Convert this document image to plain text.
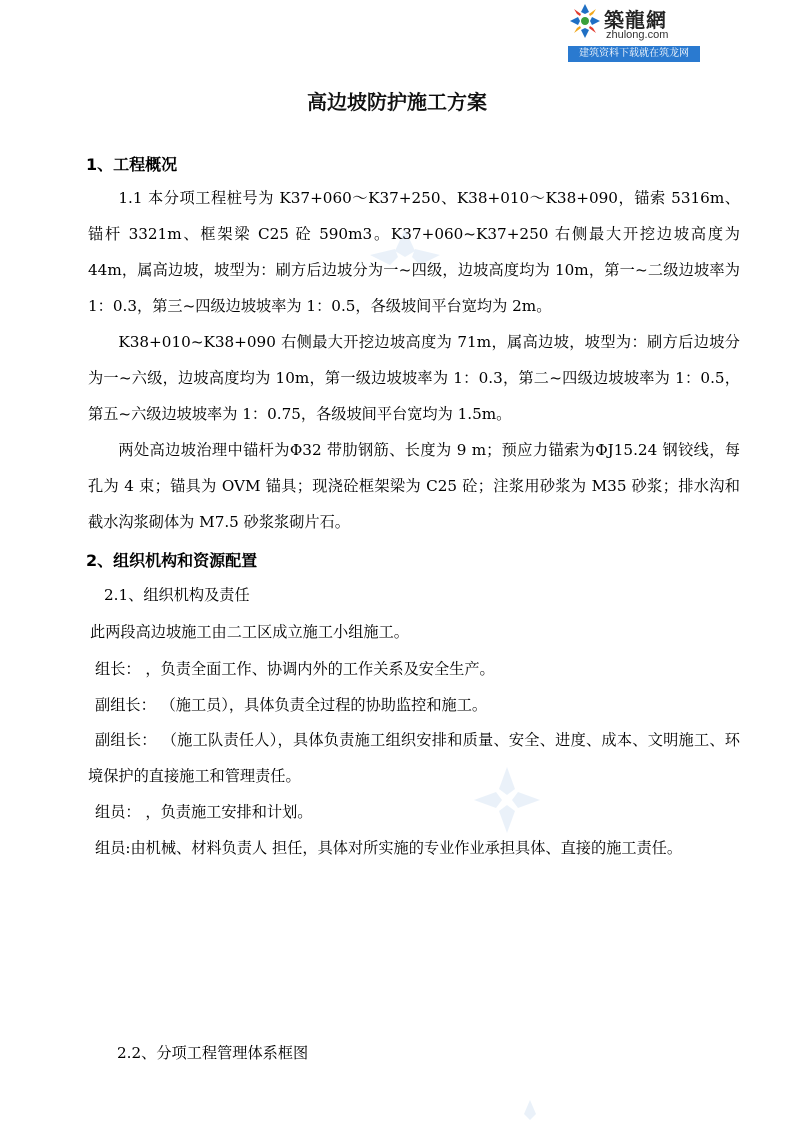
築龍網
zhulong.com
建筑资料下载就在筑龙网
高边坡防护施工方案
1、工程概况

1.1 本分项工程桩号为 K37+060～K37+250、K38+010～K38+090，锚索 5316m、锚杆 3321m、框架梁 C25 砼 590m3。K37+060~K37+250 右侧最大开挖边坡高度为 44m，属高边坡，坡型为：刷方后边坡分为一~四级，边坡高度均为 10m，第一~二级边坡率为 1：0.3，第三~四级边坡坡率为 1：0.5，各级坡间平台宽均为 2m。

K38+010~K38+090 右侧最大开挖边坡高度为 71m，属高边坡，坡型为：刷方后边坡分为一~六级，边坡高度均为 10m，第一级边坡坡率为 1：0.3，第二~四级边坡坡率为 1：0.5，第五~六级边坡坡率为 1：0.75，各级坡间平台宽均为 1.5m。

两处高边坡治理中锚杆为Φ32 带肋钢筋、长度为 9 m；预应力锚索为ΦJ15.24 钢铰线，每孔为 4 束；锚具为 OVM 锚具；现浇砼框架梁为 C25 砼；注浆用砂浆为 M35 砂浆；排水沟和截水沟浆砌体为 M7.5 砂浆浆砌片石。

2、组织机构和资源配置
2.1、组织机构及责任
此两段高边坡施工由二工区成立施工小组施工。
组长： ，负责全面工作、协调内外的工作关系及安全生产。
副组长： （施工员），具体负责全过程的协助监控和施工。

副组长： （施工队责任人），具体负责施工组织安排和质量、安全、进度、成本、文明施工、环境保护的直接施工和管理责任。

组员： ，负责施工安排和计划。

组员:由机械、材料负责人 担任，具体对所实施的专业作业承担具体、直接的施工责任。

2.2、分项工程管理体系框图
